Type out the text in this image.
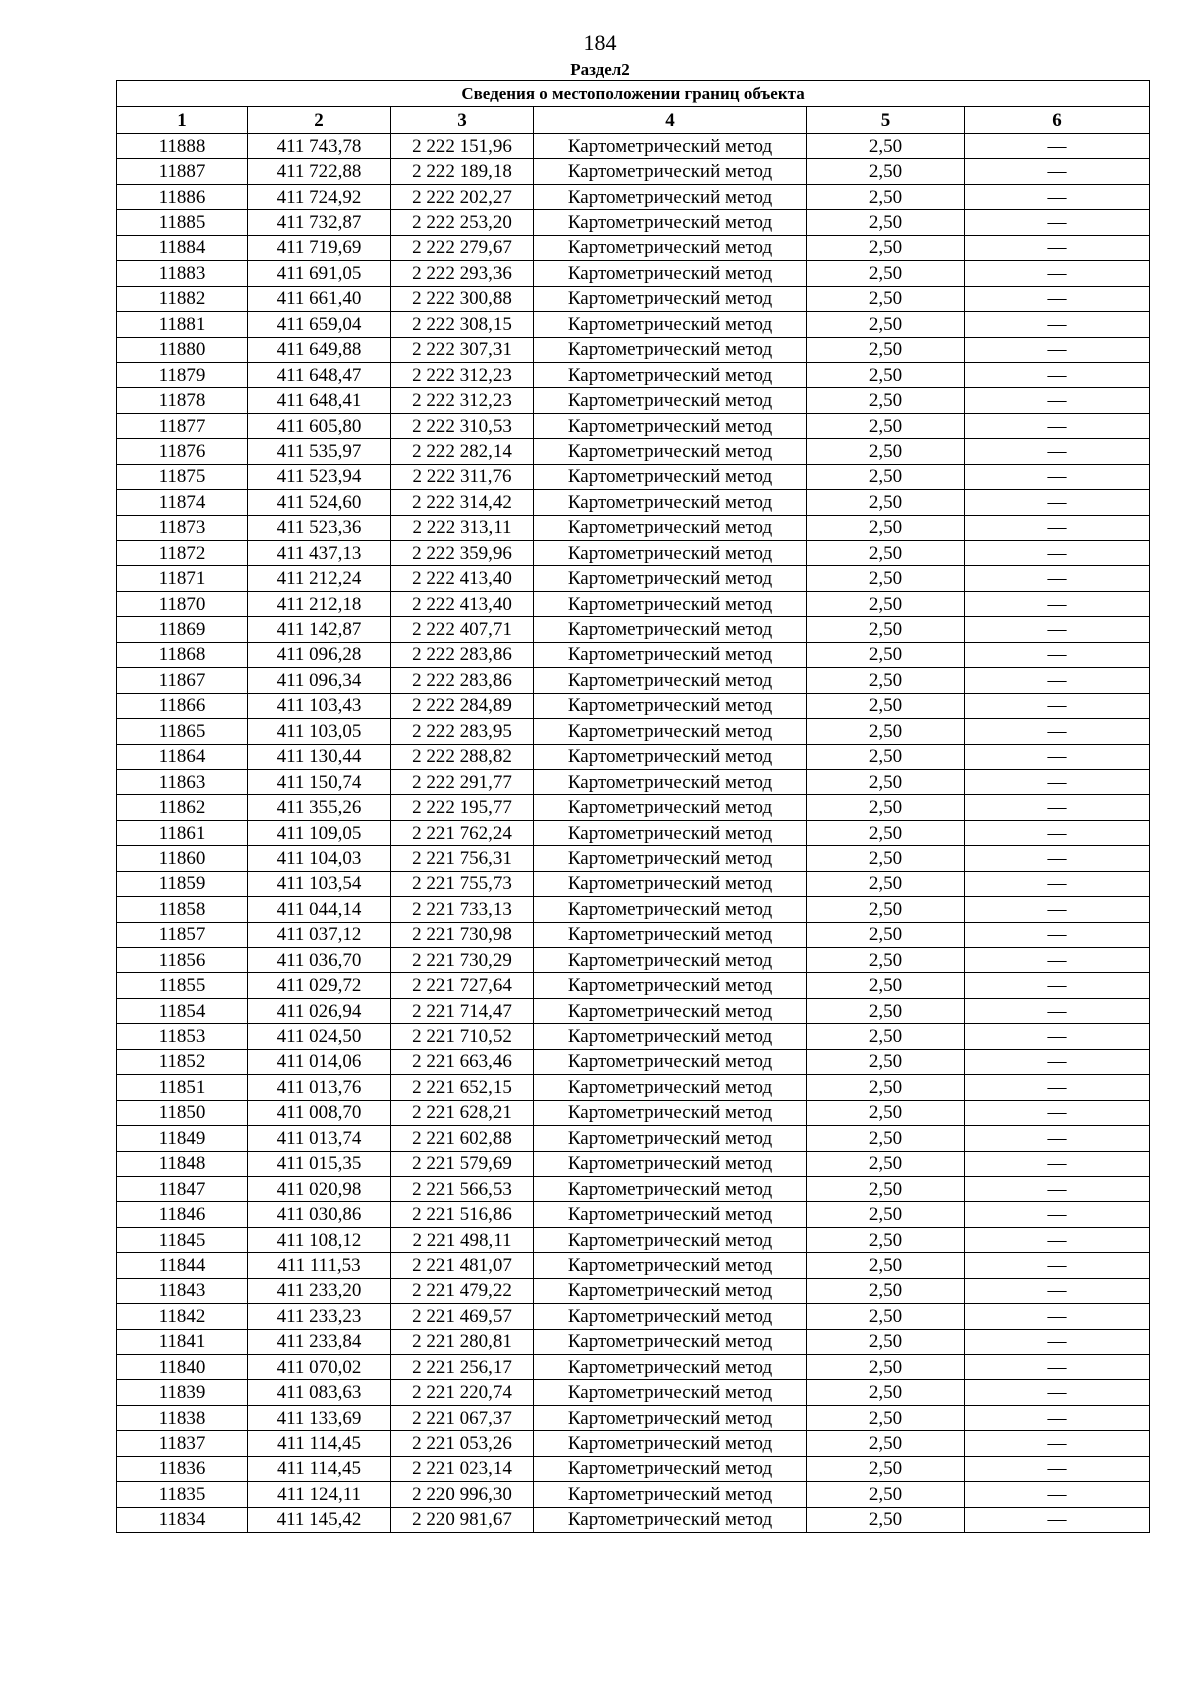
184
Раздел2
Сведения о местоположении границ объекта					
1	2	3	4	5	6
11888	411 743,78	2 222 151,96	Картометрический метод	2,50	—
11887	411 722,88	2 222 189,18	Картометрический метод	2,50	—
11886	411 724,92	2 222 202,27	Картометрический метод	2,50	—
11885	411 732,87	2 222 253,20	Картометрический метод	2,50	—
11884	411 719,69	2 222 279,67	Картометрический метод	2,50	—
11883	411 691,05	2 222 293,36	Картометрический метод	2,50	—
11882	411 661,40	2 222 300,88	Картометрический метод	2,50	—
11881	411 659,04	2 222 308,15	Картометрический метод	2,50	—
11880	411 649,88	2 222 307,31	Картометрический метод	2,50	—
11879	411 648,47	2 222 312,23	Картометрический метод	2,50	—
11878	411 648,41	2 222 312,23	Картометрический метод	2,50	—
11877	411 605,80	2 222 310,53	Картометрический метод	2,50	—
11876	411 535,97	2 222 282,14	Картометрический метод	2,50	—
11875	411 523,94	2 222 311,76	Картометрический метод	2,50	—
11874	411 524,60	2 222 314,42	Картометрический метод	2,50	—
11873	411 523,36	2 222 313,11	Картометрический метод	2,50	—
11872	411 437,13	2 222 359,96	Картометрический метод	2,50	—
11871	411 212,24	2 222 413,40	Картометрический метод	2,50	—
11870	411 212,18	2 222 413,40	Картометрический метод	2,50	—
11869	411 142,87	2 222 407,71	Картометрический метод	2,50	—
11868	411 096,28	2 222 283,86	Картометрический метод	2,50	—
11867	411 096,34	2 222 283,86	Картометрический метод	2,50	—
11866	411 103,43	2 222 284,89	Картометрический метод	2,50	—
11865	411 103,05	2 222 283,95	Картометрический метод	2,50	—
11864	411 130,44	2 222 288,82	Картометрический метод	2,50	—
11863	411 150,74	2 222 291,77	Картометрический метод	2,50	—
11862	411 355,26	2 222 195,77	Картометрический метод	2,50	—
11861	411 109,05	2 221 762,24	Картометрический метод	2,50	—
11860	411 104,03	2 221 756,31	Картометрический метод	2,50	—
11859	411 103,54	2 221 755,73	Картометрический метод	2,50	—
11858	411 044,14	2 221 733,13	Картометрический метод	2,50	—
11857	411 037,12	2 221 730,98	Картометрический метод	2,50	—
11856	411 036,70	2 221 730,29	Картометрический метод	2,50	—
11855	411 029,72	2 221 727,64	Картометрический метод	2,50	—
11854	411 026,94	2 221 714,47	Картометрический метод	2,50	—
11853	411 024,50	2 221 710,52	Картометрический метод	2,50	—
11852	411 014,06	2 221 663,46	Картометрический метод	2,50	—
11851	411 013,76	2 221 652,15	Картометрический метод	2,50	—
11850	411 008,70	2 221 628,21	Картометрический метод	2,50	—
11849	411 013,74	2 221 602,88	Картометрический метод	2,50	—
11848	411 015,35	2 221 579,69	Картометрический метод	2,50	—
11847	411 020,98	2 221 566,53	Картометрический метод	2,50	—
11846	411 030,86	2 221 516,86	Картометрический метод	2,50	—
11845	411 108,12	2 221 498,11	Картометрический метод	2,50	—
11844	411 111,53	2 221 481,07	Картометрический метод	2,50	—
11843	411 233,20	2 221 479,22	Картометрический метод	2,50	—
11842	411 233,23	2 221 469,57	Картометрический метод	2,50	—
11841	411 233,84	2 221 280,81	Картометрический метод	2,50	—
11840	411 070,02	2 221 256,17	Картометрический метод	2,50	—
11839	411 083,63	2 221 220,74	Картометрический метод	2,50	—
11838	411 133,69	2 221 067,37	Картометрический метод	2,50	—
11837	411 114,45	2 221 053,26	Картометрический метод	2,50	—
11836	411 114,45	2 221 023,14	Картометрический метод	2,50	—
11835	411 124,11	2 220 996,30	Картометрический метод	2,50	—
11834	411 145,42	2 220 981,67	Картометрический метод	2,50	—
